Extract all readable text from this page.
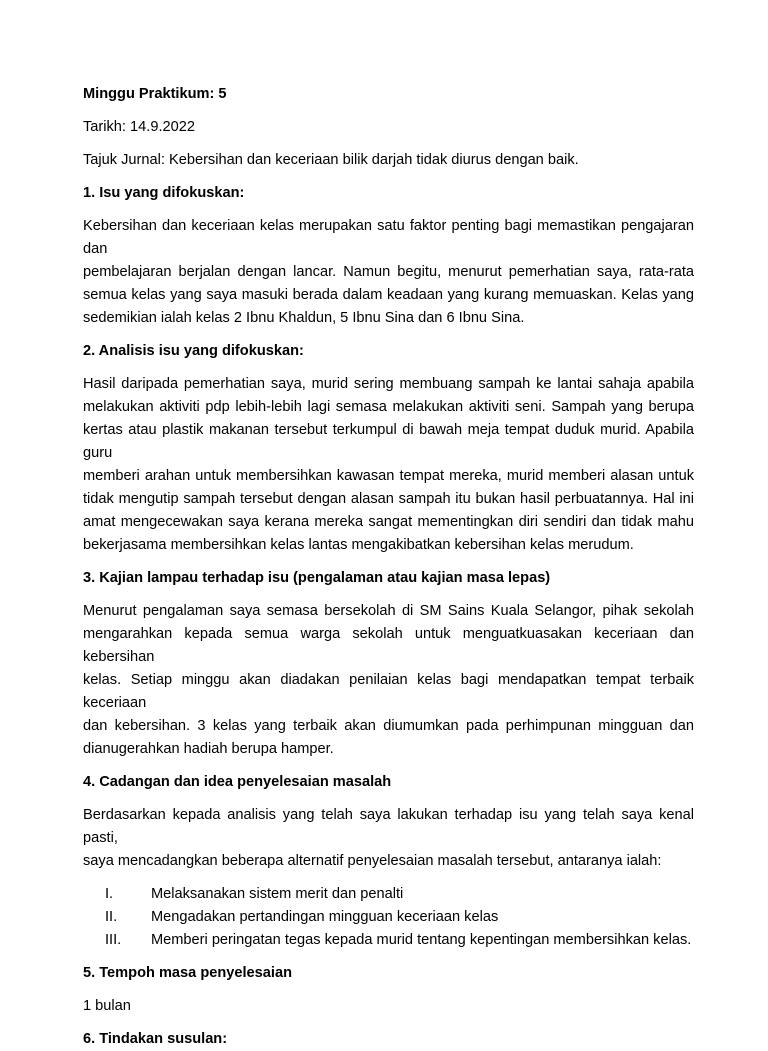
Minggu Praktikum: 5

Tarikh: 14.9.2022

Tajuk Jurnal: Kebersihan dan keceriaan bilik darjah tidak diurus dengan baik.

1. Isu yang difokuskan:

Kebersihan dan keceriaan kelas merupakan satu faktor penting bagi memastikan pengajaran dan
pembelajaran berjalan dengan lancar. Namun begitu, menurut pemerhatian saya, rata-rata
semua kelas yang saya masuki berada dalam keadaan yang kurang memuaskan. Kelas yang
sedemikian ialah kelas 2 Ibnu Khaldun, 5 Ibnu Sina dan 6 Ibnu Sina.

2. Analisis isu yang difokuskan:

Hasil daripada pemerhatian saya, murid sering membuang sampah ke lantai sahaja apabila
melakukan aktiviti pdp lebih-lebih lagi semasa melakukan aktiviti seni. Sampah yang berupa
kertas atau plastik makanan tersebut terkumpul di bawah meja tempat duduk murid. Apabila guru
memberi arahan untuk membersihkan kawasan tempat mereka, murid memberi alasan untuk
tidak mengutip sampah tersebut dengan alasan sampah itu bukan hasil perbuatannya. Hal ini
amat mengecewakan saya kerana mereka sangat mementingkan diri sendiri dan tidak mahu
bekerjasama membersihkan kelas lantas mengakibatkan kebersihan kelas merudum.

3. Kajian lampau terhadap isu (pengalaman atau kajian masa lepas)

Menurut pengalaman saya semasa bersekolah di SM Sains Kuala Selangor, pihak sekolah
mengarahkan kepada semua warga sekolah untuk menguatkuasakan keceriaan dan kebersihan
kelas. Setiap minggu akan diadakan penilaian kelas bagi mendapatkan tempat terbaik keceriaan
dan kebersihan. 3 kelas yang terbaik akan diumumkan pada perhimpunan mingguan dan
dianugerahkan hadiah berupa hamper.

4. Cadangan dan idea penyelesaian masalah

Berdasarkan kepada analisis yang telah saya lakukan terhadap isu yang telah saya kenal pasti,
saya mencadangkan beberapa alternatif penyelesaian masalah tersebut, antaranya ialah:
I.	Melaksanakan sistem merit dan penalti
II.	Mengadakan pertandingan mingguan keceriaan kelas
III.	Memberi peringatan tegas kepada murid tentang kepentingan membersihkan kelas.

5. Tempoh masa penyelesaian

1 bulan

6. Tindakan susulan:
